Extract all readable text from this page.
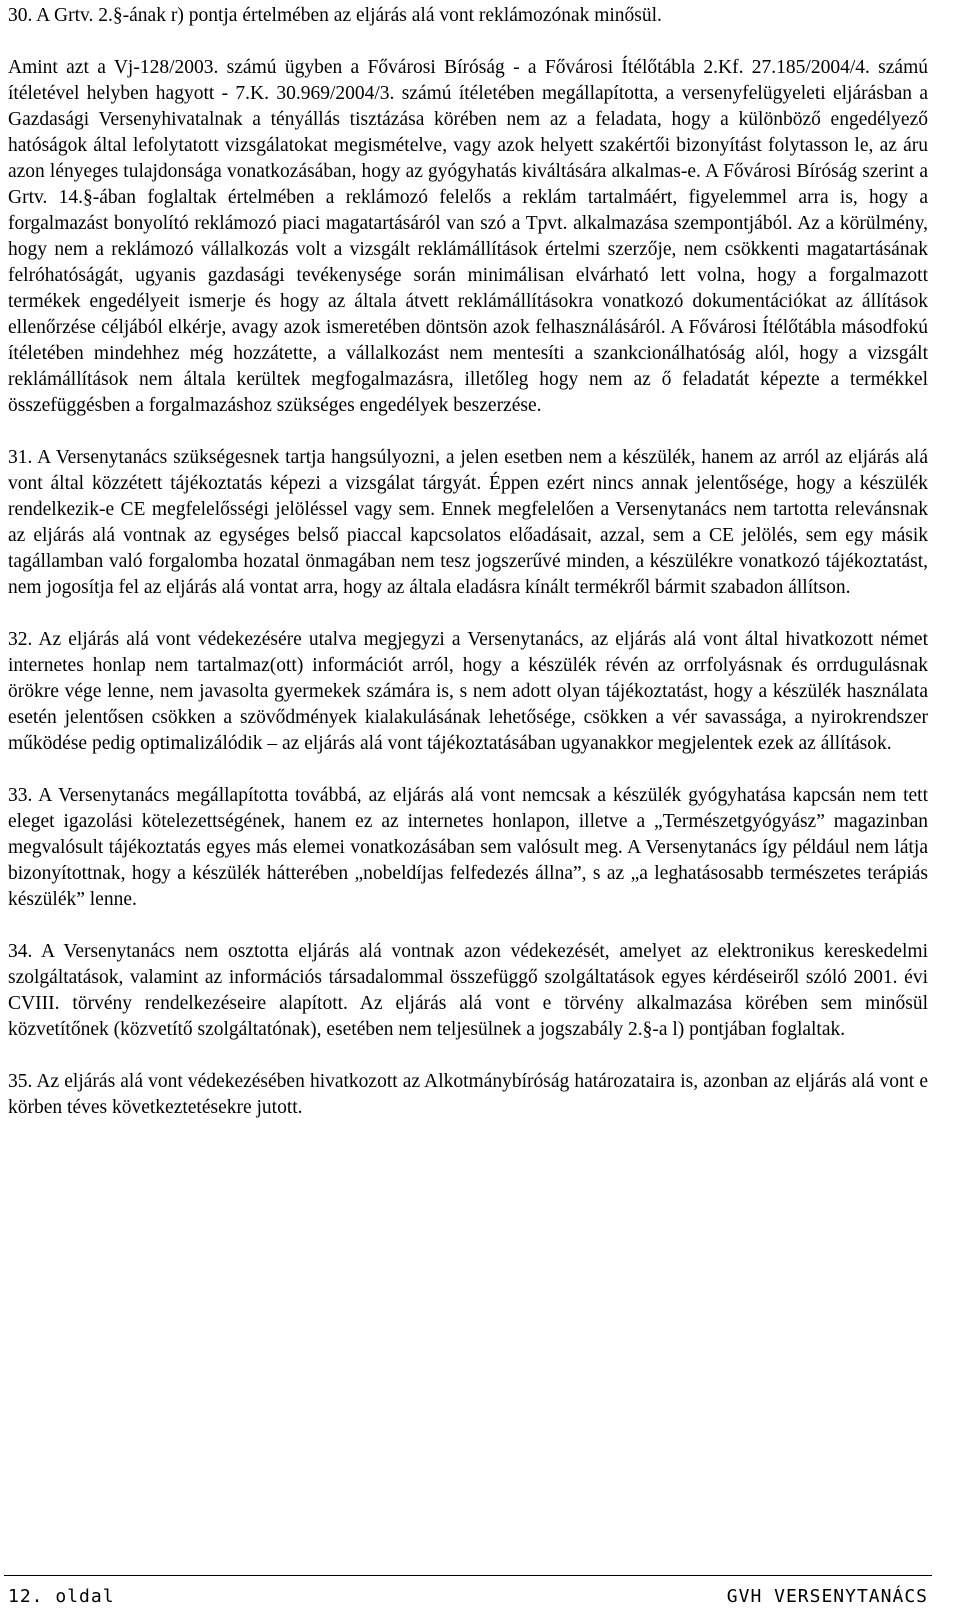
30. A Grtv. 2.§-ának r) pontja értelmében az eljárás alá vont reklámozónak minősül.

Amint azt a Vj-128/2003. számú ügyben a Fővárosi Bíróság - a Fővárosi Ítélőtábla 2.Kf. 27.185/2004/4. számú ítéletével helyben hagyott - 7.K. 30.969/2004/3. számú ítéletében megállapította, a versenyfelügyeleti eljárásban a Gazdasági Versenyhivatalnak a tényállás tisztázása körében nem az a feladata, hogy a különböző engedélyező hatóságok által lefolytatott vizsgálatokat megismételve, vagy azok helyett szakértői bizonyítást folytasson le, az áru azon lényeges tulajdonsága vonatkozásában, hogy az gyógyhatás kiváltására alkalmas-e. A Fővárosi Bíróság szerint a Grtv. 14.§-ában foglaltak értelmében a reklámozó felelős a reklám tartalmáért, figyelemmel arra is, hogy a forgalmazást bonyolító reklámozó piaci magatartásáról van szó a Tpvt. alkalmazása szempontjából. Az a körülmény, hogy nem a reklámozó vállalkozás volt a vizsgált reklámállítások értelmi szerzője, nem csökkenti magatartásának felróhatóságát, ugyanis gazdasági tevékenysége során minimálisan elvárható lett volna, hogy a forgalmazott termékek engedélyeit ismerje és hogy az általa átvett reklámállításokra vonatkozó dokumentációkat az állítások ellenőrzése céljából elkérje, avagy azok ismeretében döntsön azok felhasználásáról. A Fővárosi Ítélőtábla másodfokú ítéletében mindehhez még hozzátette, a vállalkozást nem mentesíti a szankcionálhatóság alól, hogy a vizsgált reklámállítások nem általa kerültek megfogalmazásra, illetőleg hogy nem az ő feladatát képezte a termékkel összefüggésben a forgalmazáshoz szükséges engedélyek beszerzése.

31. A Versenytanács szükségesnek tartja hangsúlyozni, a jelen esetben nem a készülék, hanem az arról az eljárás alá vont által közzétett tájékoztatás képezi a vizsgálat tárgyát. Éppen ezért nincs annak jelentősége, hogy a készülék rendelkezik-e CE megfelelősségi jelöléssel vagy sem. Ennek megfelelően a Versenytanács nem tartotta relevánsnak az eljárás alá vontnak az egységes belső piaccal kapcsolatos előadásait, azzal, sem a CE jelölés, sem egy másik tagállamban való forgalomba hozatal önmagában nem tesz jogszerűvé minden, a készülékre vonatkozó tájékoztatást, nem jogosítja fel az eljárás alá vontat arra, hogy az általa eladásra kínált termékről bármit szabadon állítson.

32. Az eljárás alá vont védekezésére utalva megjegyzi a Versenytanács, az eljárás alá vont által hivatkozott német internetes honlap nem tartalmaz(ott) információt arról, hogy a készülék révén az orrfolyásnak és orrdugulásnak örökre vége lenne, nem javasolta gyermekek számára is, s nem adott olyan tájékoztatást, hogy a készülék használata esetén jelentősen csökken a szövődmények kialakulásának lehetősége, csökken a vér savassága, a nyirokrendszer működése pedig optimalizálódik – az eljárás alá vont tájékoztatásában ugyanakkor megjelentek ezek az állítások.

33. A Versenytanács megállapította továbbá, az eljárás alá vont nemcsak a készülék gyógyhatása kapcsán nem tett eleget igazolási kötelezettségének, hanem ez az internetes honlapon, illetve a „Természetgyógyász” magazinban megvalósult tájékoztatás egyes más elemei vonatkozásában sem valósult meg. A Versenytanács így például nem látja bizonyítottnak, hogy a készülék hátterében „nobeldíjas felfedezés állna”, s az „a leghatásosabb természetes terápiás készülék” lenne.

34. A Versenytanács nem osztotta eljárás alá vontnak azon védekezését, amelyet az elektronikus kereskedelmi szolgáltatások, valamint az információs társadalommal összefüggő szolgáltatások egyes kérdéseiről szóló 2001. évi CVIII. törvény rendelkezéseire alapított. Az eljárás alá vont e törvény alkalmazása körében sem minősül közvetítőnek (közvetítő szolgáltatónak), esetében nem teljesülnek a jogszabály 2.§-a l) pontjában foglaltak.

35. Az eljárás alá vont védekezésében hivatkozott az Alkotmánybíróság határozataira is, azonban az eljárás alá vont e körben téves következtetésekre jutott.

12. oldal	GVH VERSENYTANÁCS
